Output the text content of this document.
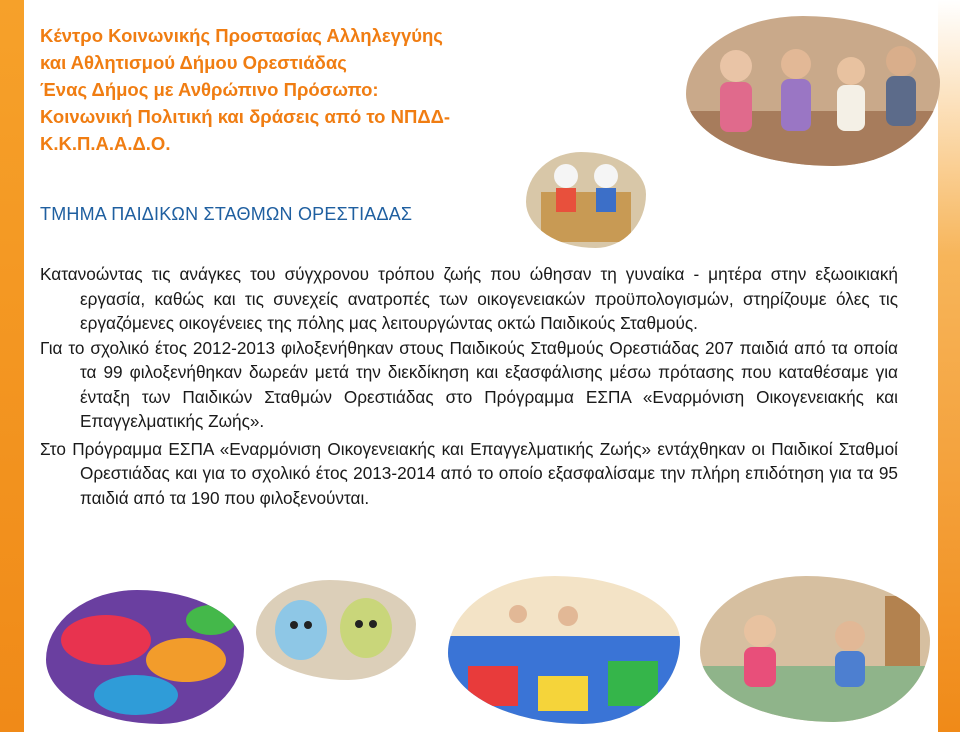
Κέντρο Κοινωνικής Προστασίας Αλληλεγγύης
και Αθλητισμού Δήμου Ορεστιάδας
Ένας Δήμος με Ανθρώπινο Πρόσωπο:
Κοινωνική Πολιτική και δράσεις από το ΝΠΔΔ- Κ.Κ.Π.Α.Α.Δ.Ο.
ΤΜΗΜΑ ΠΑΙΔΙΚΩΝ ΣΤΑΘΜΩΝ ΟΡΕΣΤΙΑΔΑΣ

Κατανοώντας τις ανάγκες του σύγχρονου τρόπου ζωής που ώθησαν τη γυναίκα - μητέρα στην εξωοικιακή εργασία, καθώς και τις συνεχείς ανατροπές των οικογενειακών προϋπολογισμών, στηρίζουμε όλες τις εργαζόμενες οικογένειες της πόλης μας λειτουργώντας οκτώ Παιδικούς Σταθμούς.

Για το σχολικό έτος 2012-2013 φιλοξενήθηκαν στους Παιδικούς Σταθμούς Ορεστιάδας 207 παιδιά από τα οποία τα 99 φιλοξενήθηκαν δωρεάν μετά την διεκδίκηση και εξασφάλισης μέσω πρότασης που καταθέσαμε για ένταξη των Παιδικών Σταθμών Ορεστιάδας στο Πρόγραμμα ΕΣΠΑ «Εναρμόνιση Οικογενειακής και Επαγγελματικής Ζωής».

Στο Πρόγραμμα ΕΣΠΑ «Εναρμόνιση Οικογενειακής και Επαγγελματικής Ζωής» εντάχθηκαν οι Παιδικοί Σταθμοί Ορεστιάδας και για το σχολικό έτος 2013-2014 από το οποίο εξασφαλίσαμε την πλήρη επιδότηση για τα 95 παιδιά από τα 190 που φιλοξενούνται.
